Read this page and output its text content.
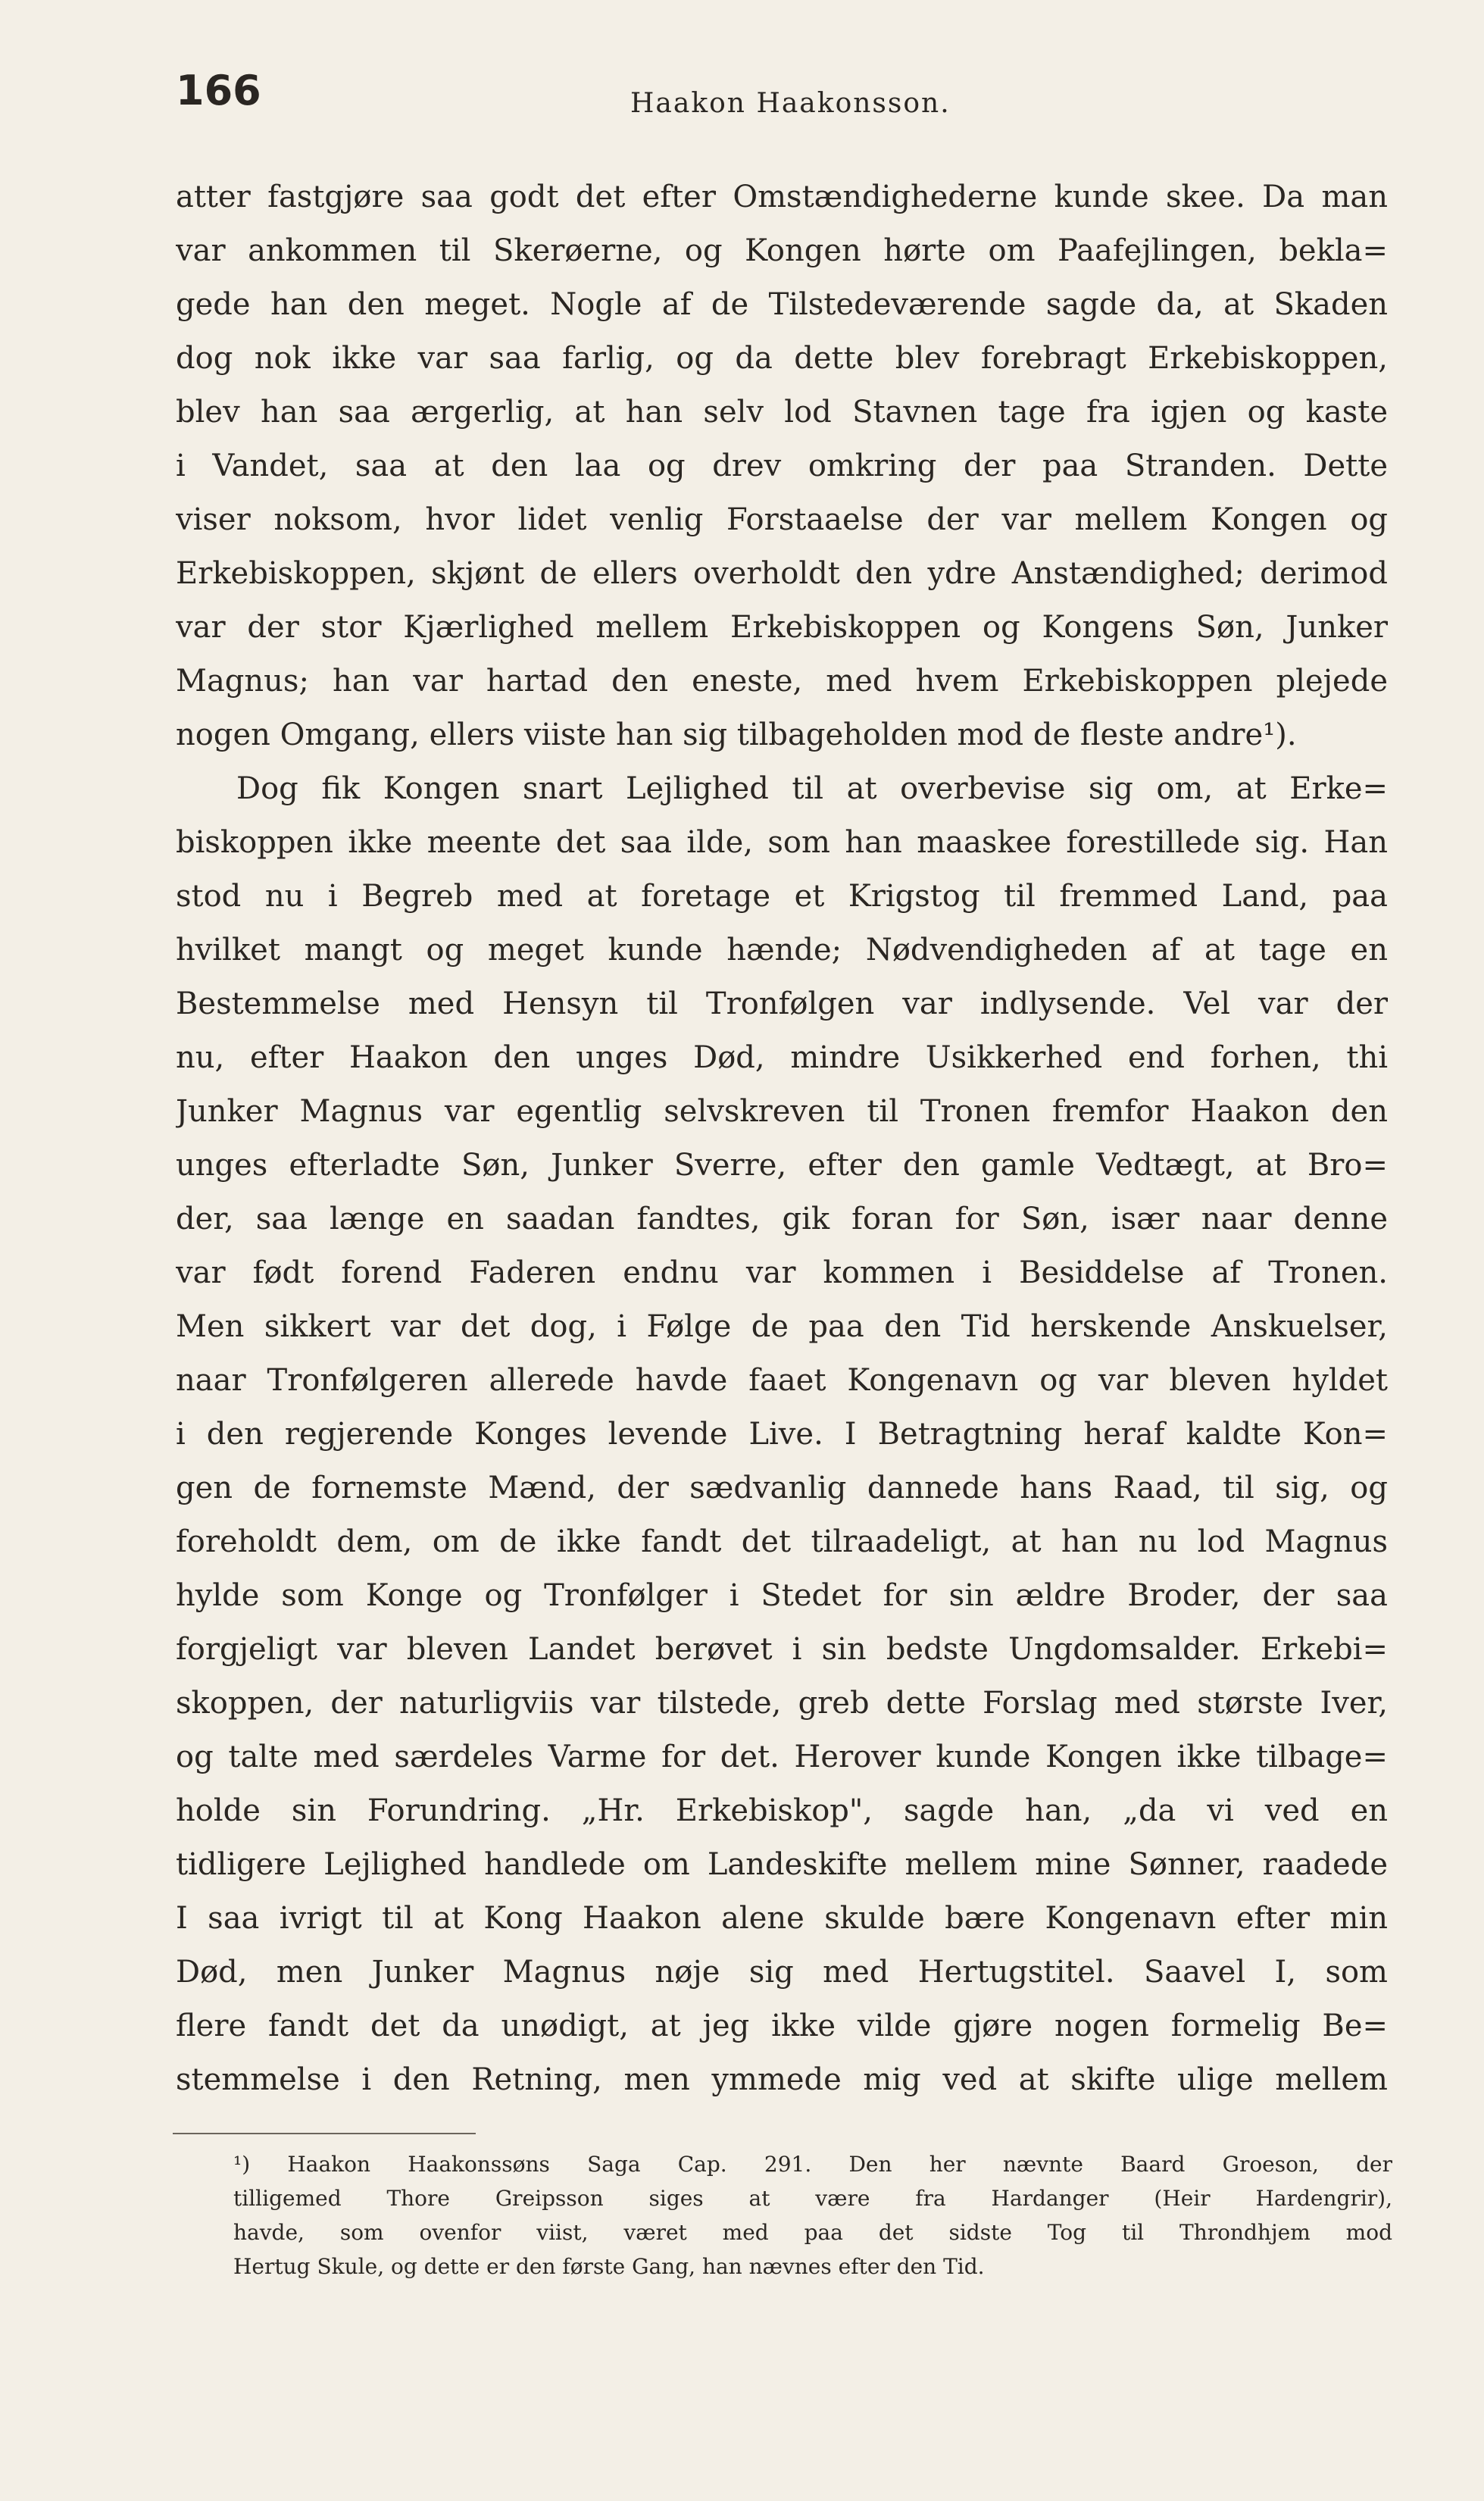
166	Haakon Haakonsson.
atter fastgjøre saa godt det efter Omstændighederne kunde skee. Da man
var ankommen til Skerøerne, og Kongen hørte om Paafejlingen, bekla=
gede han den meget. Nogle af de Tilstedeværende sagde da, at Skaden
dog nok ikke var saa farlig, og da dette blev forebragt Erkebiskoppen,
blev han saa ærgerlig, at han selv lod Stavnen tage fra igjen og kaste
i Vandet, saa at den laa og drev omkring der paa Stranden. Dette
viser noksom, hvor lidet venlig Forstaaelse der var mellem Kongen og
Erkebiskoppen, skjønt de ellers overholdt den ydre Anstændighed; derimod
var der stor Kjærlighed mellem Erkebiskoppen og Kongens Søn, Junker
Magnus; han var hartad den eneste, med hvem Erkebiskoppen plejede
nogen Omgang, ellers viiste han sig tilbageholden mod de fleste andre¹).
Dog fik Kongen snart Lejlighed til at overbevise sig om, at Erke=
biskoppen ikke meente det saa ilde, som han maaskee forestillede sig. Han
stod nu i Begreb med at foretage et Krigstog til fremmed Land, paa
hvilket mangt og meget kunde hænde; Nødvendigheden af at tage en
Bestemmelse med Hensyn til Tronfølgen var indlysende. Vel var der
nu, efter Haakon den unges Død, mindre Usikkerhed end forhen, thi
Junker Magnus var egentlig selvskreven til Tronen fremfor Haakon den
unges efterladte Søn, Junker Sverre, efter den gamle Vedtægt, at Bro=
der, saa længe en saadan fandtes, gik foran for Søn, især naar denne
var født forend Faderen endnu var kommen i Besiddelse af Tronen.
Men sikkert var det dog, i Følge de paa den Tid herskende Anskuelser,
naar Tronfølgeren allerede havde faaet Kongenavn og var bleven hyldet
i den regjerende Konges levende Live. I Betragtning heraf kaldte Kon=
gen de fornemste Mænd, der sædvanlig dannede hans Raad, til sig, og
foreholdt dem, om de ikke fandt det tilraadeligt, at han nu lod Magnus
hylde som Konge og Tronfølger i Stedet for sin ældre Broder, der saa
forgjeligt var bleven Landet berøvet i sin bedste Ungdomsalder. Erkebi=
skoppen, der naturligviis var tilstede, greb dette Forslag med største Iver,
og talte med særdeles Varme for det. Herover kunde Kongen ikke tilbage=
holde sin Forundring. „Hr. Erkebiskop", sagde han, „da vi ved en
tidligere Lejlighed handlede om Landeskifte mellem mine Sønner, raadede
I saa ivrigt til at Kong Haakon alene skulde bære Kongenavn efter min
Død, men Junker Magnus nøje sig med Hertugstitel. Saavel I, som
flere fandt det da unødigt, at jeg ikke vilde gjøre nogen formelig Be=
stemmelse i den Retning, men ymmede mig ved at skifte ulige mellem
¹) Haakon Haakonssøns Saga Cap. 291. Den her nævnte Baard Groeson, der
tilligemed Thore Greipsson siges at være fra Hardanger (Heir Hardengrir),
havde, som ovenfor viist, været med paa det sidste Tog til Throndhjem mod
Hertug Skule, og dette er den første Gang, han nævnes efter den Tid.
